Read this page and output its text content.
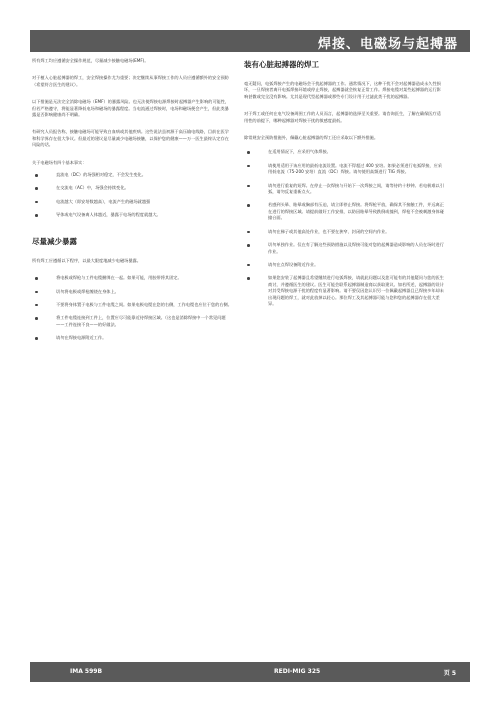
焊接、电磁场与起搏器

所有焊工均应遵循安全操作规范，尽量减少接触电磁场(EMF)。

对于植入心脏起搏器的焊工，安全焊接操作尤为重要；决定继续从事焊接工作的人员应遵循额外的安全预防（希望符合医生的建议）。

以下措施是无法完全消除电磁场（EMF）的暴露风险。也无法使焊接电源焊接时起搏器产生影响的可能性，但若严格遵守，将能显著降低电场和磁场的暴露程度。当电流通过焊接时，电场和磁场便会产生，但此类暴露是否影响健康尚不明确。

有研究人员报告称，接触电磁场可能导致白血病或其他疾病。这些说法虽初源于高压输电线路，目前在医学和科学界存在很大争议。但最近的建议是尽量减少电磁场接触，以保护您的健康——万一医生最终认定存在风险的话。

关于电磁场有四个基本事实：

直流电（DC）的场强相对稳定，不会发生变化。
在交流电（AC）中，场强会持续变化。
电流越大（即安培数越高），电流产生的磁场就越强
导体或电气设备离人体越近，暴露于电场的程度就越大。
尽量减少暴露

所有焊工应遵循以下程序，以最大限度地减少电磁场暴露。

将电极或焊枪与工件电缆捆绑在一起。如果可能，用胶带将其固定。
切勿将电极或焊枪缠绕在身体上。
不要将身体置于电极与工件电缆之间。如果电极电缆在您的右侧，工作电缆也应位于您的右侧。
将工件电缆连接到工件上，位置应尽可能靠近待焊接区域。（这也是消除焊接中一个常见问题——工件连接不良——的好做法。
请勿在焊接电源附近工作。
装有心脏起搏器的焊工

毫无疑问，电弧焊接产生的电磁场会干扰起搏器的工作。通常情况下，这种干扰不会对起搏器造成永久性损坏，一旦焊接者离开电弧焊接环境或停止焊接，起搏器就会恢复正常工作。焊接电缆对某些起搏器的运行影响甚微或完全没有影响。尤其是现代型起搏器或那些专门设计用于过滤此类干扰的起搏器。

对于焊工或任何在电气设备周围工作的人员而言，起搏器的选择至关重要。请咨询医生，了解在确保医疗适用性的前提下，哪种起搏器对焊接干扰的敏感度最低。

除常规安全预防措施外，佩戴心脏起搏器的焊工还应采取以下额外措施。

在适用情况下，应采用气体焊接。
请使用适用于该应用的最低电流设置。电流不得超过 400 安培。如果必须进行电弧焊接，应采用低电流（75-200 安培）直流（DC）焊接。请勿使用高频进行 TIG 焊接。
请勿进行重复的短焊。在停止一次焊接与开始下一次焊接之间，请等待约十秒钟。若电极难以引弧，请勿反复重新点火。
若感到头晕、眩晕或胸部有压迫，请立即停止焊接。将焊枪平放，确保其不接触工件，并远离正在进行的焊接区域。请提前做好工作安排，以防因眩晕导致跌倒或撞到，焊枪不会被刺激身体碰撞台面。
请勿在梯子或其他高处作业，也不要在狭窄、封闭的空间内作业。
切勿单独作业。仅在有了解这些预防措施以及焊接可能对您的起搏器造成影响的人员在场时进行作业。
请勿在点焊设备附近作业。
如果您安装了起搏器且希望继续进行电弧焊接，请就此问题以及您可能有的其他疑问与您的医生商讨，并遵循医生的建议。医生可能会联系起搏器制造商以获取建议。如若所述，起搏器的设计对其受焊接电源干扰的程度有显著影响。请不要仅因您认识另一位佩戴起搏器且已焊接多年却未出现问题的焊工，就对此放掉以轻心。那位焊工及其起搏器可能与您和您的起搏器存在很大差异。
IMA 599B	REDI-MIG 325	页 5
